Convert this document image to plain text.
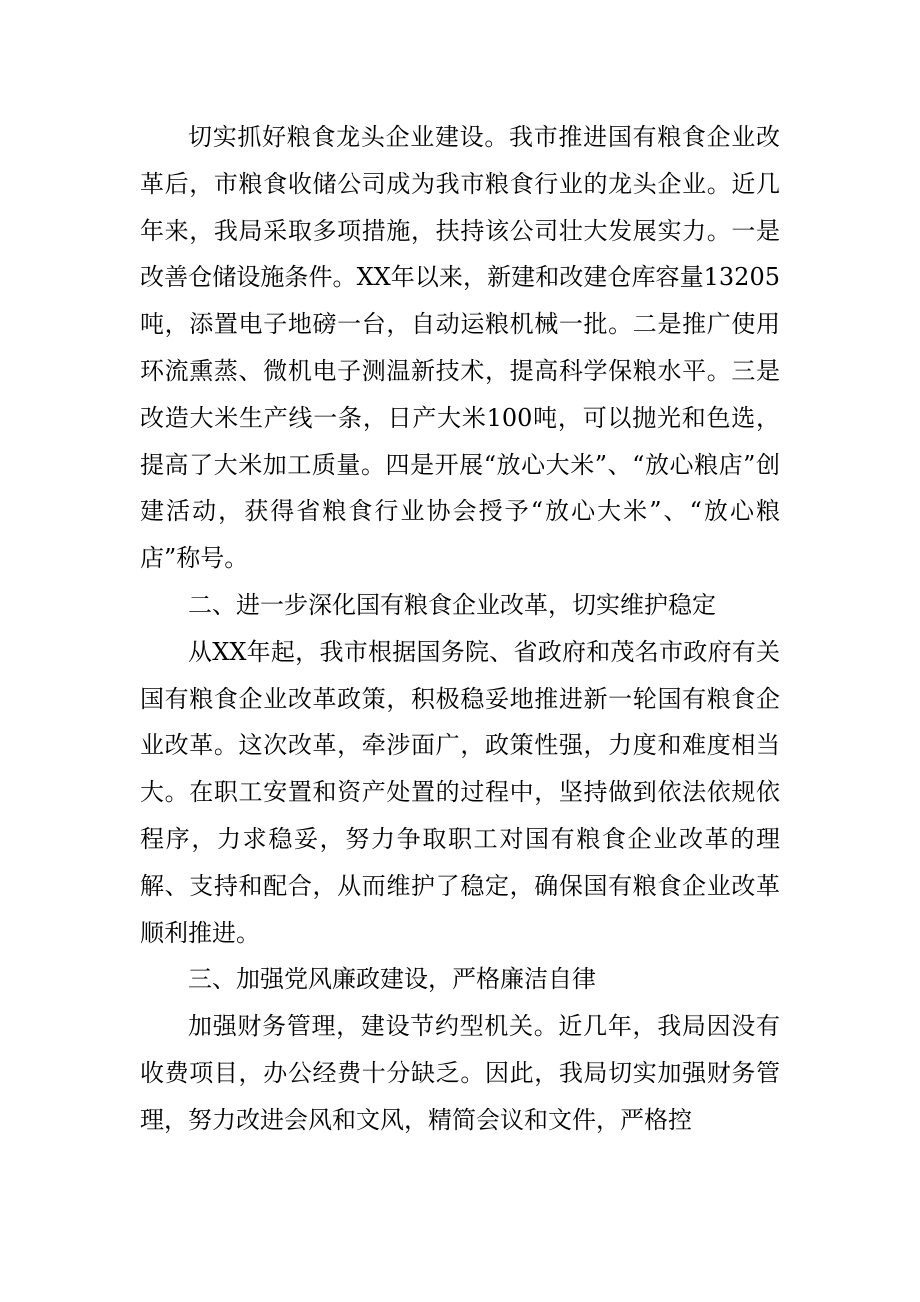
切实抓好粮食龙头企业建设。我市推进国有粮食企业改革后，市粮食收储公司成为我市粮食行业的龙头企业。近几年来，我局采取多项措施，扶持该公司壮大发展实力。一是改善仓储设施条件。XX年以来，新建和改建仓库容量13205吨，添置电子地磅一台，自动运粮机械一批。二是推广使用环流熏蒸、微机电子测温新技术，提高科学保粮水平。三是改造大米生产线一条，日产大米100吨，可以抛光和色选，提高了大米加工质量。四是开展“放心大米”、“放心粮店”创建活动，获得省粮食行业协会授予“放心大米”、“放心粮店”称号。

二、进一步深化国有粮食企业改革，切实维护稳定

从XX年起，我市根据国务院、省政府和茂名市政府有关国有粮食企业改革政策，积极稳妥地推进新一轮国有粮食企业改革。这次改革，牵涉面广，政策性强，力度和难度相当大。在职工安置和资产处置的过程中，坚持做到依法依规依程序，力求稳妥，努力争取职工对国有粮食企业改革的理解、支持和配合，从而维护了稳定，确保国有粮食企业改革顺利推进。

三、加强党风廉政建设，严格廉洁自律

加强财务管理，建设节约型机关。近几年，我局因没有收费项目，办公经费十分缺乏。因此，我局切实加强财务管理，努力改进会风和文风，精简会议和文件，严格控
